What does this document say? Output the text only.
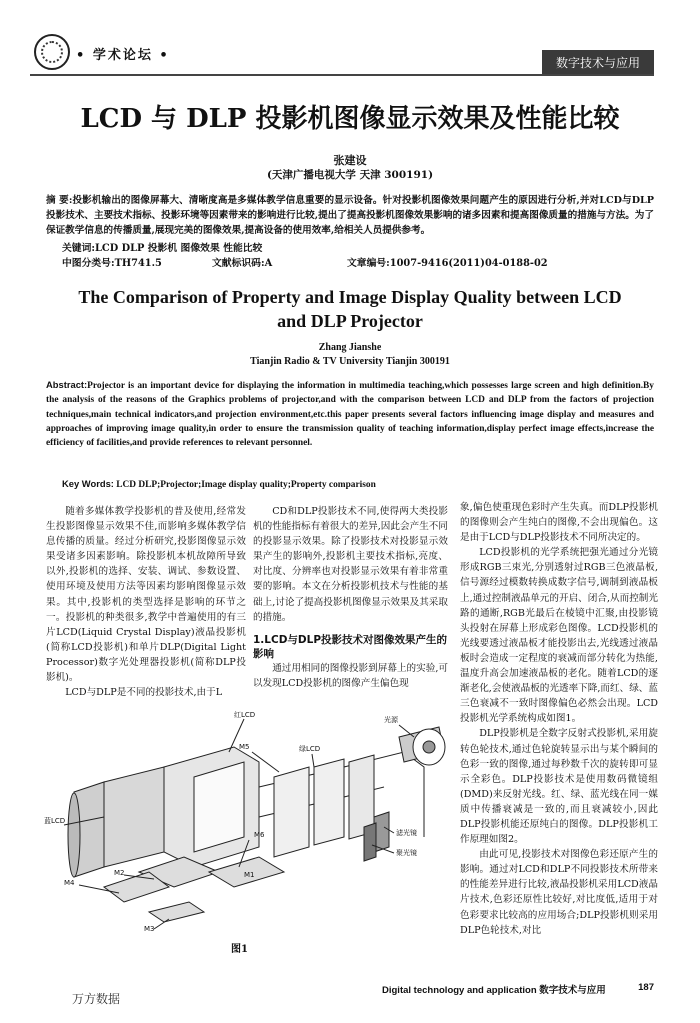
• 学术论坛 •	数字技术与应用
LCD 与 DLP 投影机图像显示效果及性能比较
张建设
(天津广播电视大学 天津 300191)
摘 要:投影机输出的图像屏幕大、清晰度高是多媒体教学信息重要的显示设备。针对投影机图像效果问题产生的原因进行分析,并对LCD与DLP投影技术、主要技术指标、投影环境等因素带来的影响进行比较,提出了提高投影机图像效果影响的诸多因素和提高图像质量的措施与方法。为了保证教学信息的传播质量,展现完美的图像效果,提高设备的使用效率,给相关人员提供参考。
关键词:LCD DLP 投影机 图像效果 性能比较
中图分类号:TH741.5	文献标识码:A	文章编号:1007-9416(2011)04-0188-02
The Comparison of Property and Image Display Quality between LCD
and DLP Projector
Zhang Jianshe
Tianjin Radio & TV University Tianjin 300191
Abstract:Projector is an important device for displaying the information in multimedia teaching,which possesses large screen and high definition.By the analysis of the reasons of the Graphics problems of projector,and with the comparison between LCD and DLP from the factors of projection techniques,main technical indicators,and projection environment,etc.this paper presents several factors influencing image display and measures and approaches of improving image quality,in order to ensure the transmission quality of teaching information,display perfect image effects,increase the efficiency of facilities,and provide references to relevant personnel.
Key Words: LCD DLP;Projector;Image display quality;Property comparison

随着多媒体教学投影机的普及使用,经常发生投影图像显示效果不佳,而影响多媒体教学信息传播的质量。经过分析研究,投影图像显示效果受诸多因素影响。除投影机本机故障所导致以外,投影机的选择、安装、调试、参数设置、使用环境及使用方法等因素均影响图像显示效果。其中,投影机的类型选择是影响的环节之一。投影机的种类很多,教学中普遍使用的有三片LCD(Liquid Crystal Display)液晶投影机(简称LCD投影机)和单片DLP(Digital Light Processor)数字光处理器投影机(简称DLP投影机)。

LCD与DLP是不同的投影技术,由于L

CD和DLP投影技术不同,使得两大类投影机的性能指标有着很大的差异,因此会产生不同的投影显示效果。除了投影技术对投影显示效果产生的影响外,投影机主要技术指标,亮度、对比度、分辨率也对投影显示效果有着非常重要的影响。本文在分析投影机技术与性能的基础上,讨论了提高投影机图像显示效果及其采取的措施。

1.LCD与DLP投影技术对图像效果产生的影响

通过用相同的图像投影到屏幕上的实验,可以发现LCD投影机的图像产生偏色现

象,偏色使重现色彩时产生失真。而DLP投影机的图像则会产生纯白的图像,不会出现偏色。这是由于LCD与DLP投影技术不同所决定的。

LCD投影机的光学系统把强光通过分光镜形成RGB三束光,分别透射过RGB三色液晶板,信号源经过模数转换成数字信号,调制到液晶板上,通过控制液晶单元的开启、闭合,从而控制光路的通断,RGB光最后在棱镜中汇聚,由投影镜头投射在屏幕上形成彩色图像。LCD投影机的光线要透过液晶板才能投影出去,光线透过液晶板时会造成一定程度的衰减而部分转化为热能,温度升高会加速液晶板的老化。随着LCD的逐渐老化,会使液晶板的光透率下降,而红、绿、蓝三色衰减不一致时图像偏色必然会出现。LCD投影机光学系统构成如图1。

DLP投影机是全数字反射式投影机,采用旋转色轮技术,通过色轮旋转显示出与某个瞬间的色彩一致的图像,通过每秒数千次的旋转即可显示全彩色。DLP投影技术是使用数码微镜组(DMD)来反射光线。红、绿、蓝光线在同一媒质中传播衰减是一致的,而且衰减较小,因此DLP投影机能还原纯白的图像。DLP投影机工作原理如图2。

由此可见,投影技术对图像色彩还原产生的影响。通过对LCD和DLP不同投影技术所带来的性能差异进行比较,液晶投影机采用LCD液晶片技术,色彩还原性比较好,对比度低,适用于对色彩要求比较高的应用场合;DLP投影机则采用DLP色轮技术,对比

红LCD
光源
M5	绿LCD
蓝LCD
滤光镜
聚光镜
M6
M1
M2
M4
M3
图1
Digital technology and application 数字技术与应用	187
万方数据
